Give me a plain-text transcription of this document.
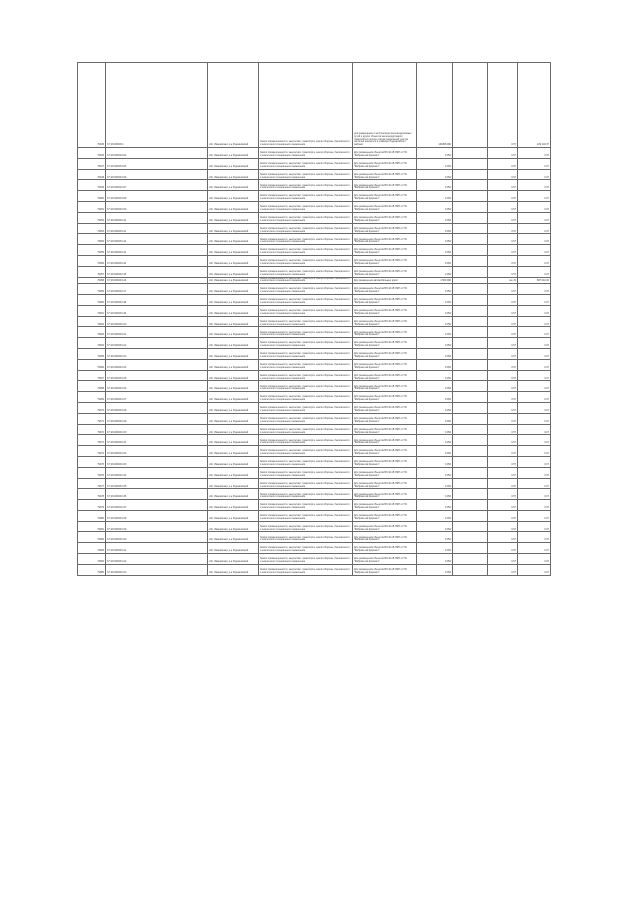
79945	37:16:000000:1	обл. Ивановская, р-н Родниковский	Земли промышленности, энергетики, транспорта, земли обороны, безопасности и земли иного специального назначения	для размещения и эксплуатации железнодорожных путей и других объектов железнодорожного транспорта в полосе отвода (земельный участок частично находится в границах Родниковского района)	160458 000		0.57	229 103.37
79946	37:16:000000:104	обл. Ивановская, р-н Родниковский	Земли промышленности, энергетики, транспорта, земли обороны, безопасности и земли иного специального назначения	Для размещения объектов ВЛ-10 кВ ЛЭП от ПС "Фабрика им.Красного"	0.054		0.57	0.07
79947	37:16:000000:105	обл. Ивановская, р-н Родниковский	Земли промышленности, энергетики, транспорта, земли обороны, безопасности и земли иного специального назначения	Для размещения объектов ВЛ-10 кВ ЛЭП от ПС "Фабрика им.Красного"	0.054		0.57	0.07
79948	37:16:000000:106	обл. Ивановская, р-н Родниковский	Земли промышленности, энергетики, транспорта, земли обороны, безопасности и земли иного специального назначения	Для размещения объектов ВЛ-10 кВ ЛЭП от ПС "Фабрика им.Красного"	0.054		0.57	0.07
79949	37:16:000000:107	обл. Ивановская, р-н Родниковский	Земли промышленности, энергетики, транспорта, земли обороны, безопасности и земли иного специального назначения	Для размещения объектов ВЛ-10 кВ ЛЭП от ПС "Фабрика им.Красного"	0.054		0.57	0.07
79950	37:16:000000:108	обл. Ивановская, р-н Родниковский	Земли промышленности, энергетики, транспорта, земли обороны, безопасности и земли иного специального назначения	Для размещения объектов ВЛ-10 кВ ЛЭП от ПС "Фабрика им.Красного"	0.054		0.57	0.07
79951	37:16:000000:109	обл. Ивановская, р-н Родниковский	Земли промышленности, энергетики, транспорта, земли обороны, безопасности и земли иного специального назначения	Для размещения объектов ВЛ-10 кВ ЛЭП от ПС "Фабрика им.Красного"	0.054		0.57	0.07
79952	37:16:000000:110	обл. Ивановская, р-н Родниковский	Земли промышленности, энергетики, транспорта, земли обороны, безопасности и земли иного специального назначения	Для размещения объектов ВЛ-10 кВ ЛЭП от ПС "Фабрика им.Красного"	0.054		0.57	0.07
79953	37:16:000000:111	обл. Ивановская, р-н Родниковский	Земли промышленности, энергетики, транспорта, земли обороны, безопасности и земли иного специального назначения	Для размещения объектов ВЛ-10 кВ ЛЭП от ПС "Фабрика им.Красного"	0.054		0.57	0.07
79954	37:16:000000:112	обл. Ивановская, р-н Родниковский	Земли промышленности, энергетики, транспорта, земли обороны, безопасности и земли иного специального назначения	Для размещения объектов ВЛ-10 кВ ЛЭП от ПС "Фабрика им.Красного"	0.054		0.57	0.07
79955	37:16:000000:113	обл. Ивановская, р-н Родниковский	Земли промышленности, энергетики, транспорта, земли обороны, безопасности и земли иного специального назначения	Для размещения объектов ВЛ-10 кВ ЛЭП от ПС "Фабрика им.Красного"	0.054		0.57	0.07
79956	37:16:000000:114	обл. Ивановская, р-н Родниковский	Земли промышленности, энергетики, транспорта, земли обороны, безопасности и земли иного специального назначения	Для размещения объектов ВЛ-10 кВ ЛЭП от ПС "Фабрика им.Красного"	0.054		0.57	0.07
79957	37:16:000000:115	обл. Ивановская, р-н Родниковский	Земли промышленности, энергетики, транспорта, земли обороны, безопасности и земли иного специального назначения	Для размещения объектов ВЛ-10 кВ ЛЭП от ПС "Фабрика им.Красного"	0.054		0.57	0.07
79958	37:16:000000:116	обл. Ивановская, р-н Родниковский	Земли промышленности, энергетики, транспорта, земли обороны, безопасности и земли иного специального назначения	Для размещения автомобильных дорог	1 560 000		сек.15	887 040.00
79959	37:16:000000:117	обл. Ивановская, р-н Родниковский	Земли промышленности, энергетики, транспорта, земли обороны, безопасности и земли иного специального назначения	Для размещения объектов ВЛ-10 кВ ЛЭП от ПС "Фабрика им.Красного"	0.054		0.57	0.07
79960	37:16:000000:118	обл. Ивановская, р-н Родниковский	Земли промышленности, энергетики, транспорта, земли обороны, безопасности и земли иного специального назначения	Для размещения объектов ВЛ-10 кВ ЛЭП от ПС "Фабрика им.Красного"	0.054		0.57	0.07
79961	37:16:000000:119	обл. Ивановская, р-н Родниковский	Земли промышленности, энергетики, транспорта, земли обороны, безопасности и земли иного специального назначения	Для размещения объектов ВЛ-10 кВ ЛЭП от ПС "Фабрика им.Красного"	0.054		0.57	0.07
79962	37:16:000000:120	обл. Ивановская, р-н Родниковский	Земли промышленности, энергетики, транспорта, земли обороны, безопасности и земли иного специального назначения	Для размещения объектов ВЛ-10 кВ ЛЭП от ПС "Фабрика им.Красного"	0.054		0.57	0.07
79963	37:16:000000:121	обл. Ивановская, р-н Родниковский	Земли промышленности, энергетики, транспорта, земли обороны, безопасности и земли иного специального назначения	Для размещения объектов ВЛ-10 кВ ЛЭП от ПС "Фабрика им.Красного"	0.054		0.57	0.07
79964	37:16:000000:122	обл. Ивановская, р-н Родниковский	Земли промышленности, энергетики, транспорта, земли обороны, безопасности и земли иного специального назначения	Для размещения объектов ВЛ-10 кВ ЛЭП от ПС "Фабрика им.Красного"	0.054		0.57	0.07
79965	37:16:000000:123	обл. Ивановская, р-н Родниковский	Земли промышленности, энергетики, транспорта, земли обороны, безопасности и земли иного специального назначения	Для размещения объектов ВЛ-10 кВ ЛЭП от ПС "Фабрика им.Красного"	0.054		0.57	0.07
79966	37:16:000000:124	обл. Ивановская, р-н Родниковский	Земли промышленности, энергетики, транспорта, земли обороны, безопасности и земли иного специального назначения	Для размещения объектов ВЛ-10 кВ ЛЭП от ПС "Фабрика им.Красного"	0.054		0.57	0.07
79967	37:16:000000:125	обл. Ивановская, р-н Родниковский	Земли промышленности, энергетики, транспорта, земли обороны, безопасности и земли иного специального назначения	Для размещения объектов ВЛ-10 кВ ЛЭП от ПС "Фабрика им.Красного"	0.054		0.57	0.07
79968	37:16:000000:126	обл. Ивановская, р-н Родниковский	Земли промышленности, энергетики, транспорта, земли обороны, безопасности и земли иного специального назначения	Для размещения объектов ВЛ-10 кВ ЛЭП от ПС "Фабрика им.Красного"	0.054		0.57	0.07
79969	37:16:000000:127	обл. Ивановская, р-н Родниковский	Земли промышленности, энергетики, транспорта, земли обороны, безопасности и земли иного специального назначения	Для размещения объектов ВЛ-10 кВ ЛЭП от ПС "Фабрика им.Красного"	0.054		0.57	0.07
79970	37:16:000000:128	обл. Ивановская, р-н Родниковский	Земли промышленности, энергетики, транспорта, земли обороны, безопасности и земли иного специального назначения	Для размещения объектов ВЛ-10 кВ ЛЭП от ПС "Фабрика им.Красного"	0.054		0.57	0.07
79971	37:16:000000:129	обл. Ивановская, р-н Родниковский	Земли промышленности, энергетики, транспорта, земли обороны, безопасности и земли иного специального назначения	Для размещения объектов ВЛ-10 кВ ЛЭП от ПС "Фабрика им.Красного"	0.054		0.57	0.07
79972	37:16:000000:130	обл. Ивановская, р-н Родниковский	Земли промышленности, энергетики, транспорта, земли обороны, безопасности и земли иного специального назначения	Для размещения объектов ВЛ-10 кВ ЛЭП от ПС "Фабрика им.Красного"	0.054		0.57	0.07
79973	37:16:000000:131	обл. Ивановская, р-н Родниковский	Земли промышленности, энергетики, транспорта, земли обороны, безопасности и земли иного специального назначения	Для размещения объектов ВЛ-10 кВ ЛЭП от ПС "Фабрика им.Красного"	0.054		0.57	0.07
79974	37:16:000000:132	обл. Ивановская, р-н Родниковский	Земли промышленности, энергетики, транспорта, земли обороны, безопасности и земли иного специального назначения	Для размещения объектов ВЛ-10 кВ ЛЭП от ПС "Фабрика им.Красного"	0.054		0.57	0.07
79975	37:16:000000:133	обл. Ивановская, р-н Родниковский	Земли промышленности, энергетики, транспорта, земли обороны, безопасности и земли иного специального назначения	Для размещения объектов ВЛ-10 кВ ЛЭП от ПС "Фабрика им.Красного"	0.054		0.57	0.07
79976	37:16:000000:134	обл. Ивановская, р-н Родниковский	Земли промышленности, энергетики, транспорта, земли обороны, безопасности и земли иного специального назначения	Для размещения объектов ВЛ-10 кВ ЛЭП от ПС "Фабрика им.Красного"	0.054		0.57	0.07
79977	37:16:000000:135	обл. Ивановская, р-н Родниковский	Земли промышленности, энергетики, транспорта, земли обороны, безопасности и земли иного специального назначения	Для размещения объектов ВЛ-10 кВ ЛЭП от ПС "Фабрика им.Красного"	0.054		0.57	0.07
79978	37:16:000000:136	обл. Ивановская, р-н Родниковский	Земли промышленности, энергетики, транспорта, земли обороны, безопасности и земли иного специального назначения	Для размещения объектов ВЛ-10 кВ ЛЭП от ПС "Фабрика им.Красного"	0.054		0.57	0.07
79979	37:16:000000:137	обл. Ивановская, р-н Родниковский	Земли промышленности, энергетики, транспорта, земли обороны, безопасности и земли иного специального назначения	Для размещения объектов ВЛ-10 кВ ЛЭП от ПС "Фабрика им.Красного"	0.054		0.57	0.07
79980	37:16:000000:138	обл. Ивановская, р-н Родниковский	Земли промышленности, энергетики, транспорта, земли обороны, безопасности и земли иного специального назначения	Для размещения объектов ВЛ-10 кВ ЛЭП от ПС "Фабрика им.Красного"	0.054		0.57	0.07
79981	37:16:000000:139	обл. Ивановская, р-н Родниковский	Земли промышленности, энергетики, транспорта, земли обороны, безопасности и земли иного специального назначения	Для размещения объектов ВЛ-10 кВ ЛЭП от ПС "Фабрика им.Красного"	0.054		0.57	0.07
79982	37:16:000000:140	обл. Ивановская, р-н Родниковский	Земли промышленности, энергетики, транспорта, земли обороны, безопасности и земли иного специального назначения	Для размещения объектов ВЛ-10 кВ ЛЭП от ПС "Фабрика им.Красного"	0.054		0.57	0.07
79983	37:16:000000:141	обл. Ивановская, р-н Родниковский	Земли промышленности, энергетики, транспорта, земли обороны, безопасности и земли иного специального назначения	Для размещения объектов ВЛ-10 кВ ЛЭП от ПС "Фабрика им.Красного"	0.054		0.57	0.07
79984	37:16:000000:142	обл. Ивановская, р-н Родниковский	Земли промышленности, энергетики, транспорта, земли обороны, безопасности и земли иного специального назначения	Для размещения объектов ВЛ-10 кВ ЛЭП от ПС "Фабрика им.Красного"	0.054		0.57	0.07
79985	37:16:000000:143	обл. Ивановская, р-н Родниковский	Земли промышленности, энергетики, транспорта, земли обороны, безопасности и земли иного специального назначения	Для размещения объектов ВЛ-10 кВ ЛЭП от ПС "Фабрика им.Красного"	0.054		0.57	0.07
